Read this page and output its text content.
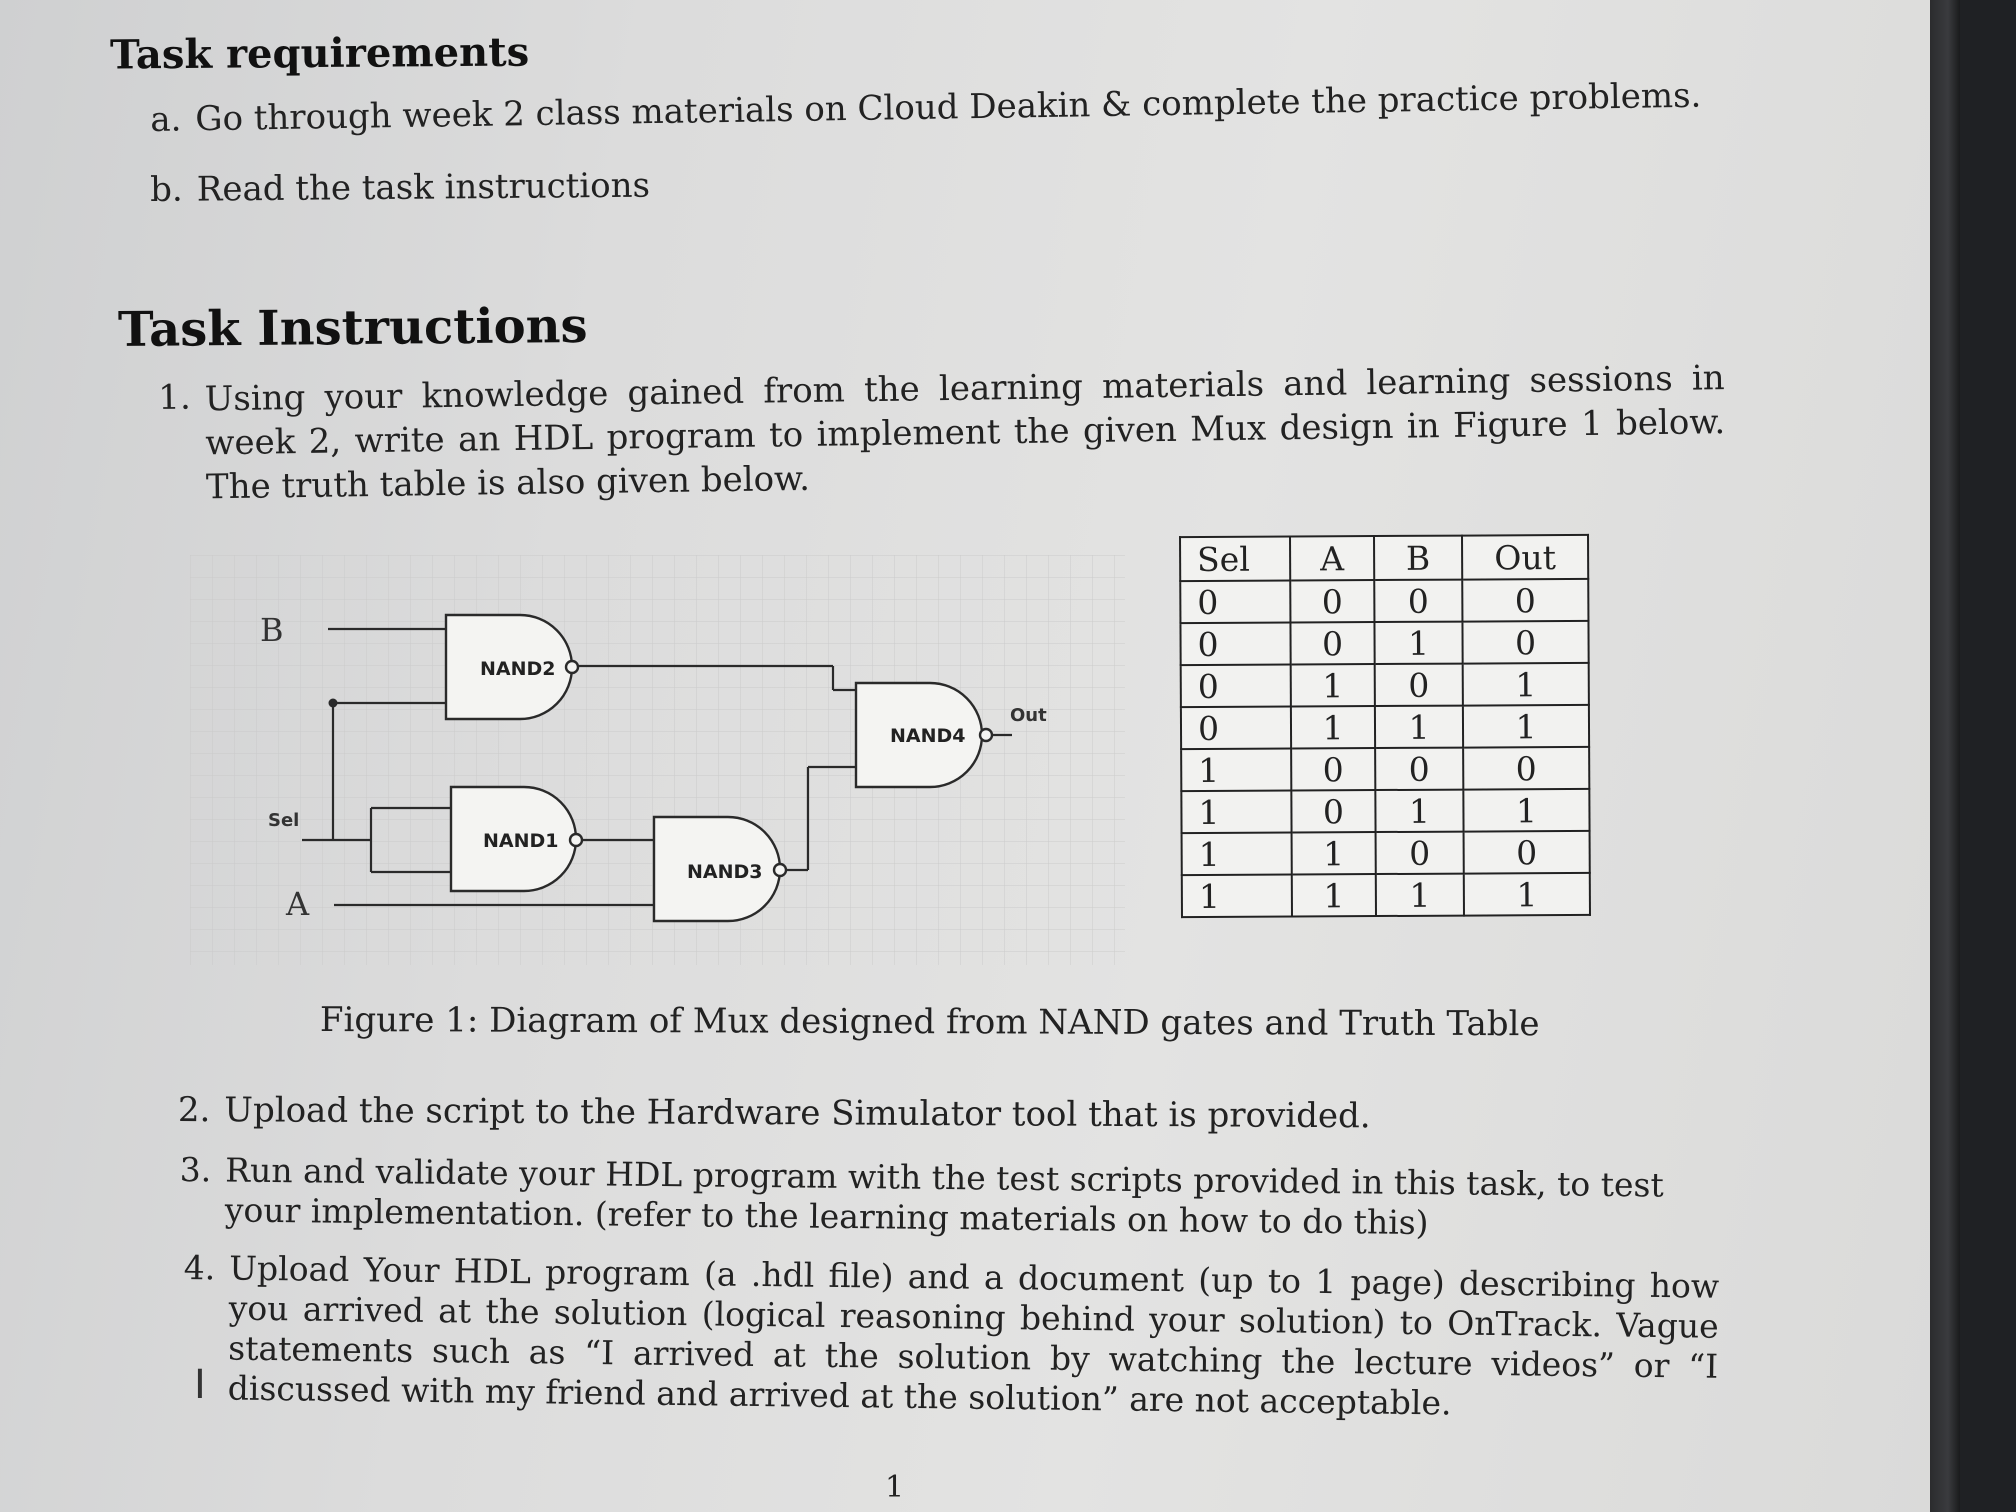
Task requirements
a. Go through week 2 class materials on Cloud Deakin & complete the practice problems.
b. Read the task instructions
Task Instructions
1. Using your knowledge gained from the learning materials and learning sessions in week 2, write an HDL program to implement the given Mux design in Figure 1 below. The truth table is also given below.
B
Sel
A
NAND2
NAND1
NAND3
NAND4
Out
Sel	A	B	Out
0	0	0	0
0	0	1	0
0	1	0	1
0	1	1	1
1	0	0	0
1	0	1	1
1	1	0	0
1	1	1	1
Figure 1: Diagram of Mux designed from NAND gates and Truth Table
2. Upload the script to the Hardware Simulator tool that is provided.
3. Run and validate your HDL program with the test scripts provided in this task, to test your implementation. (refer to the learning materials on how to do this)
4. Upload Your HDL program (a .hdl file) and a document (up to 1 page) describing how you arrived at the solution (logical reasoning behind your solution) to OnTrack. Vague statements such as “I arrived at the solution by watching the lecture videos” or “I discussed with my friend and arrived at the solution” are not acceptable.
I
1
